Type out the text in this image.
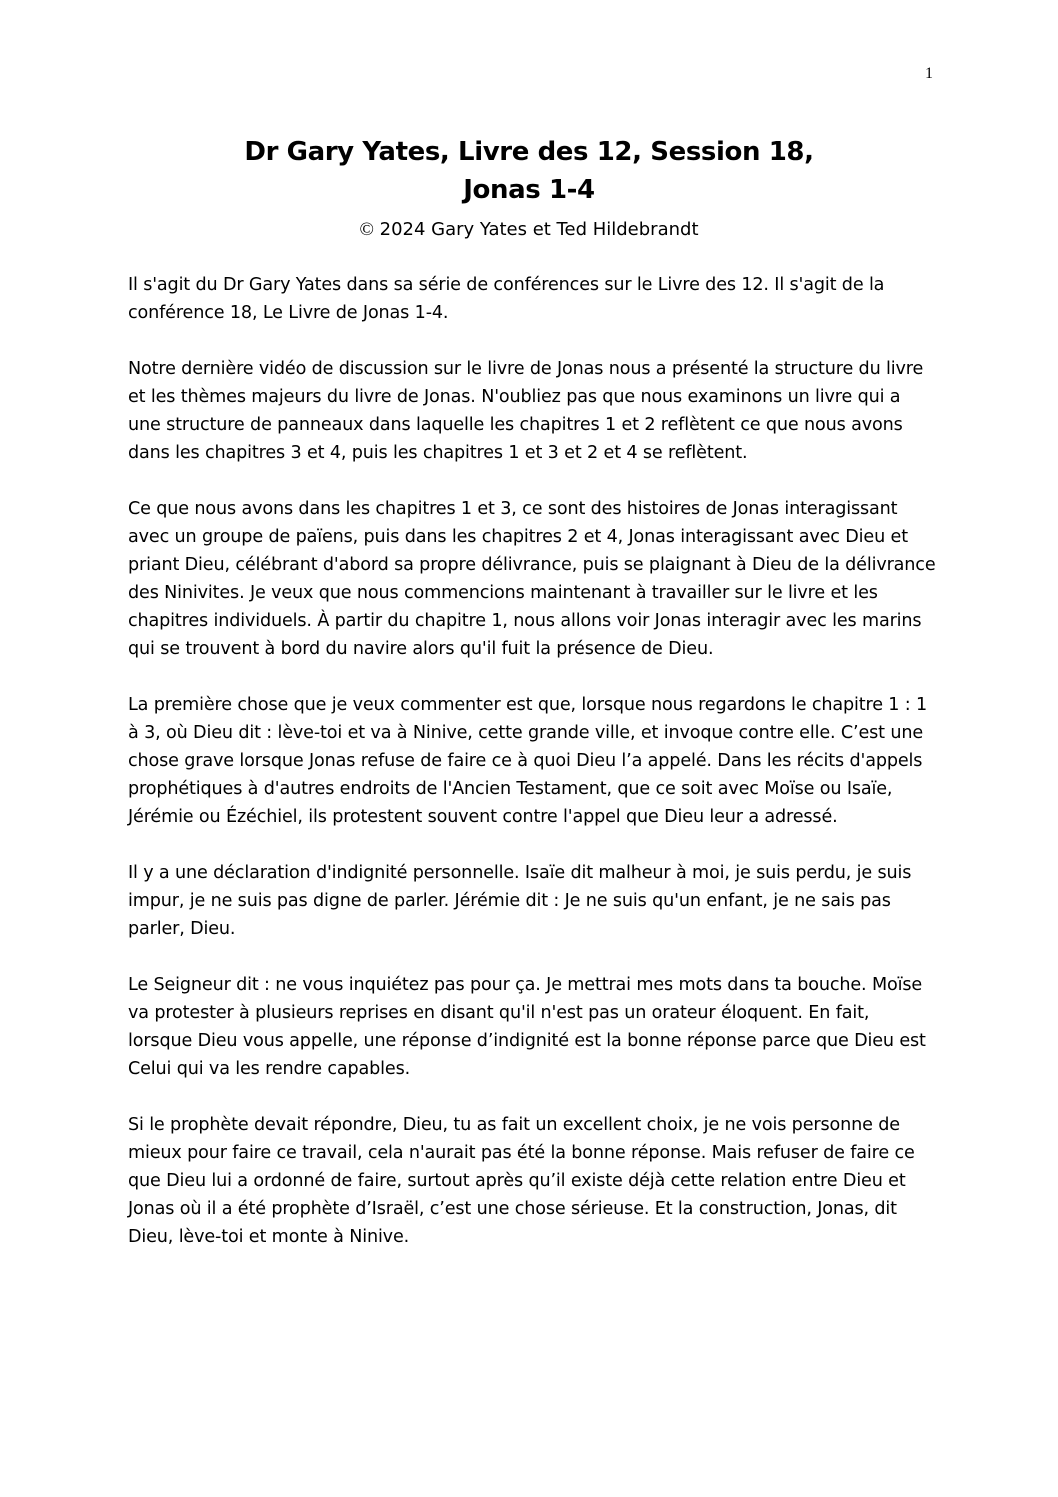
1
Dr Gary Yates, Livre des 12, Session 18,
Jonas 1-4
© 2024 Gary Yates et Ted Hildebrandt

Il s'agit du Dr Gary Yates dans sa série de conférences sur le Livre des 12. Il s'agit de la conférence 18, Le Livre de Jonas 1-4.

Notre dernière vidéo de discussion sur le livre de Jonas nous a présenté la structure du livre et les thèmes majeurs du livre de Jonas. N'oubliez pas que nous examinons un livre qui a une structure de panneaux dans laquelle les chapitres 1 et 2 reflètent ce que nous avons dans les chapitres 3 et 4, puis les chapitres 1 et 3 et 2 et 4 se reflètent.

Ce que nous avons dans les chapitres 1 et 3, ce sont des histoires de Jonas interagissant avec un groupe de païens, puis dans les chapitres 2 et 4, Jonas interagissant avec Dieu et priant Dieu, célébrant d'abord sa propre délivrance, puis se plaignant à Dieu de la délivrance des Ninivites. Je veux que nous commencions maintenant à travailler sur le livre et les chapitres individuels. À partir du chapitre 1, nous allons voir Jonas interagir avec les marins qui se trouvent à bord du navire alors qu'il fuit la présence de Dieu.

La première chose que je veux commenter est que, lorsque nous regardons le chapitre 1 : 1 à 3, où Dieu dit : lève-toi et va à Ninive, cette grande ville, et invoque contre elle. C’est une chose grave lorsque Jonas refuse de faire ce à quoi Dieu l’a appelé. Dans les récits d'appels prophétiques à d'autres endroits de l'Ancien Testament, que ce soit avec Moïse ou Isaïe, Jérémie ou Ézéchiel, ils protestent souvent contre l'appel que Dieu leur a adressé.

Il y a une déclaration d'indignité personnelle. Isaïe dit malheur à moi, je suis perdu, je suis impur, je ne suis pas digne de parler. Jérémie dit : Je ne suis qu'un enfant, je ne sais pas parler, Dieu.

Le Seigneur dit : ne vous inquiétez pas pour ça. Je mettrai mes mots dans ta bouche. Moïse va protester à plusieurs reprises en disant qu'il n'est pas un orateur éloquent. En fait, lorsque Dieu vous appelle, une réponse d’indignité est la bonne réponse parce que Dieu est Celui qui va les rendre capables.

Si le prophète devait répondre, Dieu, tu as fait un excellent choix, je ne vois personne de mieux pour faire ce travail, cela n'aurait pas été la bonne réponse. Mais refuser de faire ce que Dieu lui a ordonné de faire, surtout après qu’il existe déjà cette relation entre Dieu et Jonas où il a été prophète d’Israël, c’est une chose sérieuse. Et la construction, Jonas, dit Dieu, lève-toi et monte à Ninive.
